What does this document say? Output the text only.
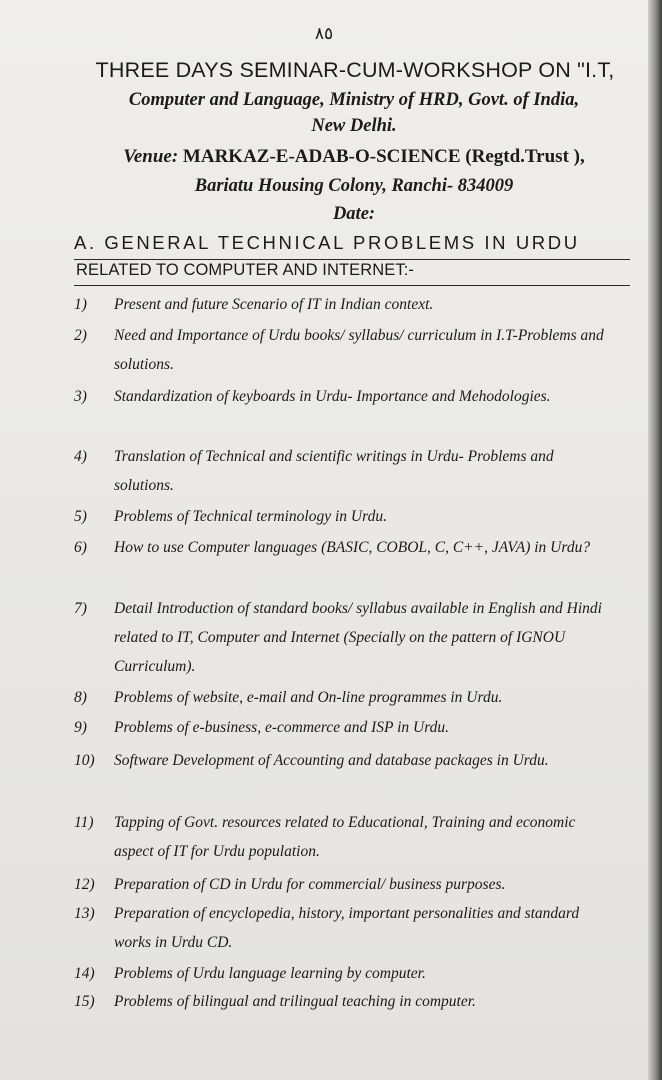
٨٥
THREE DAYS SEMINAR-CUM-WORKSHOP ON "I.T,
Computer and Language, Ministry of HRD, Govt. of India,
New Delhi.
Venue: MARKAZ-E-ADAB-O-SCIENCE (Regtd.Trust ),
Bariatu Housing Colony, Ranchi- 834009
Date:
A. GENERAL TECHNICAL PROBLEMS IN URDU
RELATED TO COMPUTER AND INTERNET:-
1)	Present and future Scenario of IT in Indian context.
2)	Need and Importance of Urdu books/ syllabus/ curriculum in I.T-Problems and solutions.
3)	Standardization of keyboards in Urdu- Importance and Mehodologies.
4)	Translation of Technical and scientific writings in Urdu- Problems and solutions.
5)	Problems of Technical terminology in Urdu.
6)	How to use Computer languages (BASIC, COBOL, C, C++, JAVA) in Urdu?
7)	Detail Introduction of standard books/ syllabus available in English and Hindi related to IT, Computer and Internet (Specially on the pattern of IGNOU Curriculum).
8)	Problems of website, e-mail and On-line programmes in Urdu.
9)	Problems of e-business, e-commerce and ISP in Urdu.
10)	Software Development of Accounting and database packages in Urdu.
11)	Tapping of Govt. resources related to Educational, Training and economic aspect of IT for Urdu population.
12)	Preparation of CD in Urdu for commercial/ business purposes.
13)	Preparation of encyclopedia, history, important personalities and standard works in Urdu CD.
14)	Problems of Urdu language learning by computer.
15)	Problems of bilingual and trilingual teaching in computer.
